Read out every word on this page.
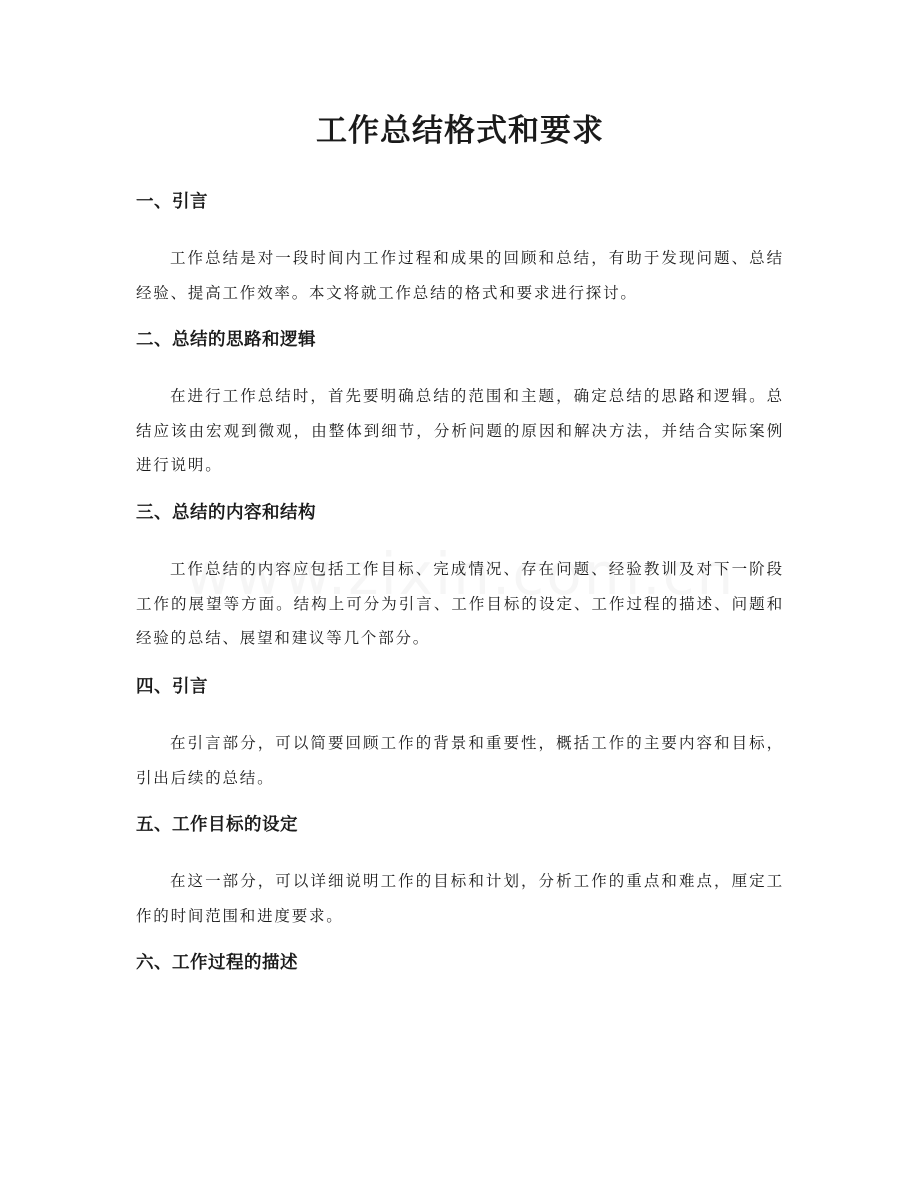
工作总结格式和要求
一、引言

工作总结是对一段时间内工作过程和成果的回顾和总结，有助于发现问题、总结经验、提高工作效率。本文将就工作总结的格式和要求进行探讨。

二、总结的思路和逻辑

在进行工作总结时，首先要明确总结的范围和主题，确定总结的思路和逻辑。总结应该由宏观到微观，由整体到细节，分析问题的原因和解决方法，并结合实际案例进行说明。

三、总结的内容和结构

工作总结的内容应包括工作目标、完成情况、存在问题、经验教训及对下一阶段工作的展望等方面。结构上可分为引言、工作目标的设定、工作过程的描述、问题和经验的总结、展望和建议等几个部分。

四、引言

在引言部分，可以简要回顾工作的背景和重要性，概括工作的主要内容和目标，引出后续的总结。

五、工作目标的设定

在这一部分，可以详细说明工作的目标和计划，分析工作的重点和难点，厘定工作的时间范围和进度要求。

六、工作过程的描述
